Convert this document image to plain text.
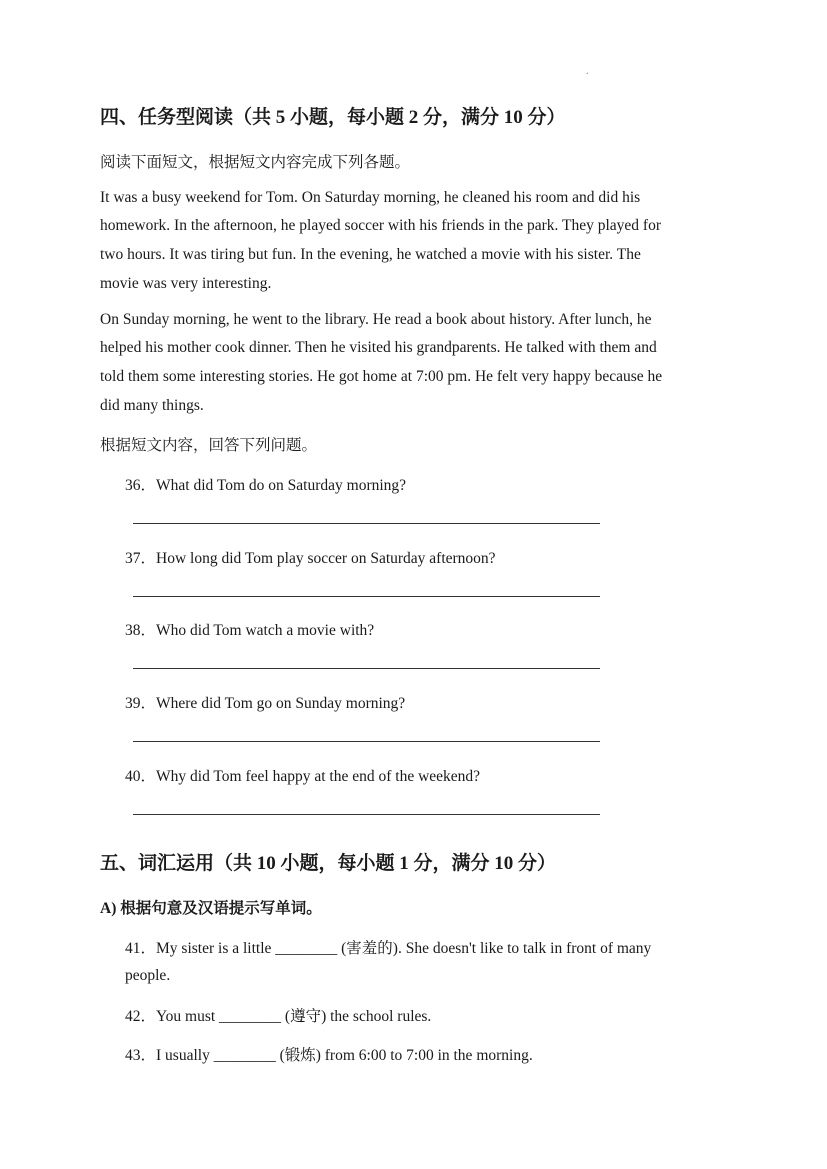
.
四、任务型阅读（共 5 小题，每小题 2 分，满分 10 分）
阅读下面短文，根据短文内容完成下列各题。
It was a busy weekend for Tom. On Saturday morning, he cleaned his room and did his
homework. In the afternoon, he played soccer with his friends in the park. They played for
two hours. It was tiring but fun. In the evening, he watched a movie with his sister. The
movie was very interesting.
On Sunday morning, he went to the library. He read a book about history. After lunch, he
helped his mother cook dinner. Then he visited his grandparents. He talked with them and
told them some interesting stories. He got home at 7:00 pm. He felt very happy because he
did many things.
根据短文内容，回答下列问题。
36．What did Tom do on Saturday morning?
37．How long did Tom play soccer on Saturday afternoon?
38．Who did Tom watch a movie with?
39．Where did Tom go on Sunday morning?
40．Why did Tom feel happy at the end of the weekend?
五、词汇运用（共 10 小题，每小题 1 分，满分 10 分）
A) 根据句意及汉语提示写单词。
41．My sister is a little ________ (害羞的). She doesn't like to talk in front of many
people.
42．You must ________ (遵守) the school rules.
43．I usually ________ (锻炼) from 6:00 to 7:00 in the morning.
